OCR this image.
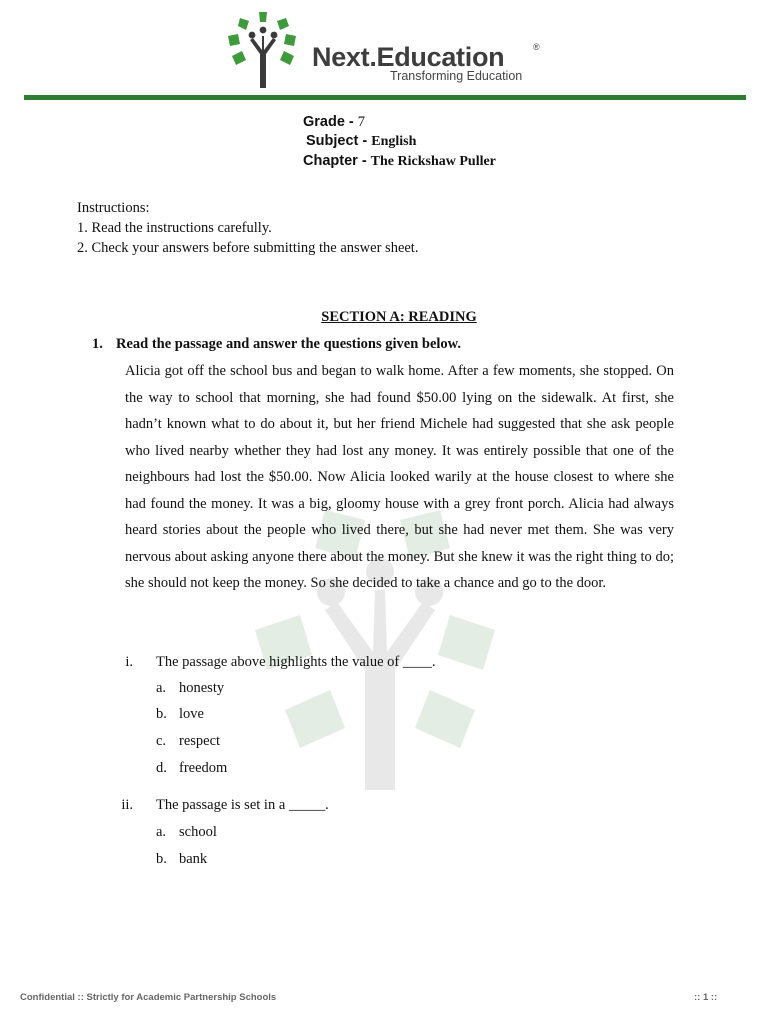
Next.Education	®
Transforming Education
Grade - 7
Subject - English
Chapter - The Rickshaw Puller
Instructions:
1. Read the instructions carefully.
2. Check your answers before submitting the answer sheet.
SECTION A: READING
1. Read the passage and answer the questions given below.
Alicia got off the school bus and began to walk home. After a few moments, she stopped. On the way to school that morning, she had found $50.00 lying on the sidewalk. At first, she hadn’t known what to do about it, but her friend Michele had suggested that she ask people who lived nearby whether they had lost any money. It was entirely possible that one of the neighbours had lost the $50.00. Now Alicia looked warily at the house closest to where she had found the money. It was a big, gloomy house with a grey front porch. Alicia had always heard stories about the people who lived there, but she had never met them. She was very nervous about asking anyone there about the money. But she knew it was the right thing to do; she should not keep the money. So she decided to take a chance and go to the door.
i. The passage above highlights the value of ____.
a. honesty
b. love
c. respect
d. freedom
ii. The passage is set in a _____.
a. school
b. bank
Confidential :: Strictly for Academic Partnership Schools	:: 1 ::
